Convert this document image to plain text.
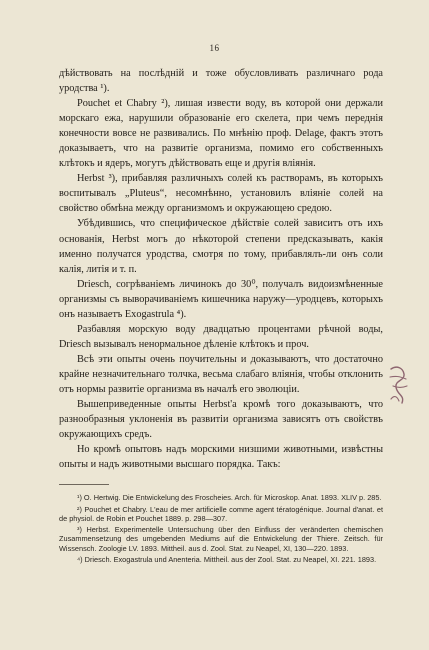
16

дѣйствовать на послѣдній и тоже обусловливать различнаго рода уродства ¹).

Pouchet et Chabry ²), лишая извести воду, въ которой они держали морскаго ежа, нарушили образованіе его скелета, при чемъ переднія конечности вовсе не развивались. По мнѣнію проф. Delage, фактъ этотъ доказываетъ, что на развитіе организма, помимо его собственныхъ клѣтокъ и ядеръ, могутъ дѣйствовать еще и другія вліянія.

Herbst ³), прибавляя различныхъ солей къ растворамъ, въ которыхъ воспитывалъ „Pluteus“, несомнѣнно, установилъ вліяніе солей на свойство обмѣна между организмомъ и окружающею средою.

Убѣдившись, что специфическое дѣйствіе солей зависитъ отъ ихъ основанія, Herbst могъ до нѣкоторой степени предсказывать, какія именно получатся уродства, смотря по тому, прибавлялъ-ли онъ соли калія, литія и т. п.

Driesch, согрѣваніемъ личинокъ до 30⁰, получалъ видоизмѣненные организмы съ выворачиваніемъ кишечника наружу—уродцевъ, которыхъ онъ называетъ Exogastrula ⁴).

Разбавляя морскую воду двадцатью процентами рѣчной воды, Driesch вызывалъ ненормальное дѣленіе клѣтокъ и проч.

Всѣ эти опыты очень поучительны и доказываютъ, что достаточно крайне незначительнаго толчка, весьма слабаго вліянія, чтобы отклонить отъ нормы развитіе организма въ началѣ его эволюціи.

Вышеприведенные опыты Herbst'а кромѣ того доказываютъ, что разнообразныя уклоненія въ развитіи организма зависятъ отъ свойствъ окружающихъ средъ.

Но кромѣ опытовъ надъ морскими низшими животными, извѣстны опыты и надъ животными высшаго порядка. Такъ:

¹) O. Hertwig. Die Entwickelung des Froscheies. Arch. für Microskop. Anat. 1893. XLIV p. 285.

²) Pouchet et Chabry. L'eau de mer artificielle comme agent tératogénique. Journal d'anat. et de physiol. de Robin et Pouchet 1889. p. 298—307.

³) Herbst. Experimentelle Untersuchung über den Einfluss der veränderten chemischen Zusammensetzung des umgebenden Mediums auf die Entwickelung der Thiere. Zeitsch. für Wissensch. Zoologie LV. 1893. Mittheil. aus d. Zool. Stat. zu Neapel, XI, 130—220. 1893.

⁴) Driesch. Exogastrula und Anenteria. Mittheil. aus der Zool. Stat. zu Neapel, XI. 221. 1893.
